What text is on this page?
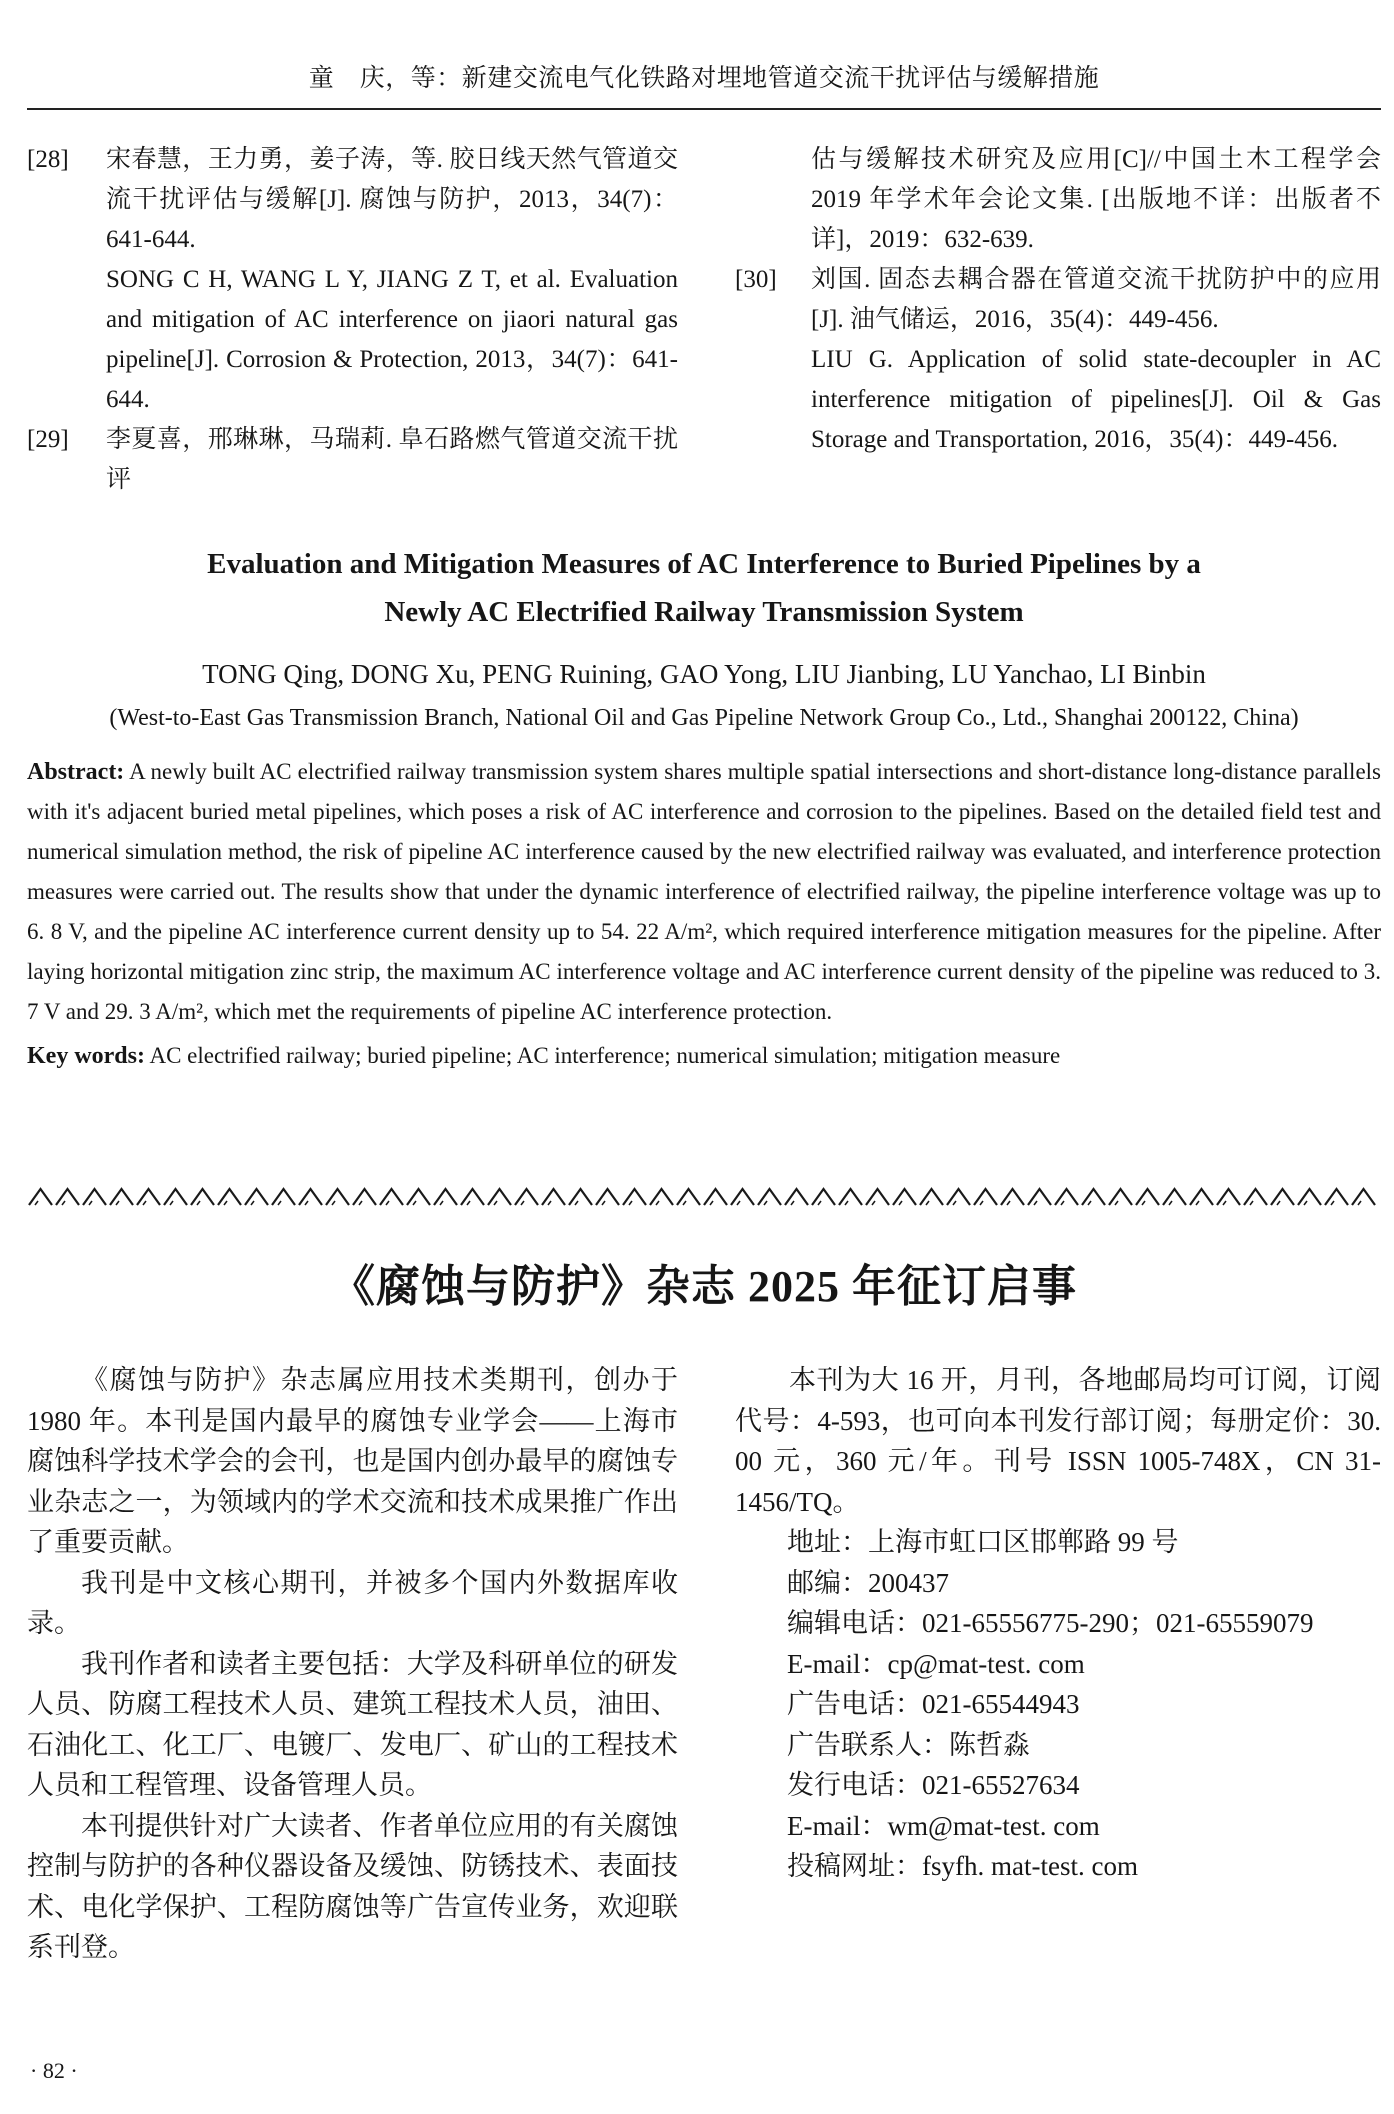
童　庆，等：新建交流电气化铁路对埋地管道交流干扰评估与缓解措施
[28]	宋春慧，王力勇，姜子涛，等. 胶日线天然气管道交流干扰评估与缓解[J]. 腐蚀与防护，2013，34(7)：641-644.

SONG C H, WANG L Y, JIANG Z T, et al. Evaluation and mitigation of AC interference on jiaori natural gas pipeline[J]. Corrosion & Protection, 2013，34(7)：641-644.

[29]	李夏喜，邢琳琳，马瑞莉. 阜石路燃气管道交流干扰评

估与缓解技术研究及应用[C]//中国土木工程学会 2019 年学术年会论文集. [出版地不详：出版者不详]，2019：632-639.

[30]	刘国. 固态去耦合器在管道交流干扰防护中的应用[J]. 油气储运，2016，35(4)：449-456.

LIU G. Application of solid state-decoupler in AC interference mitigation of pipelines[J]. Oil & Gas Storage and Transportation, 2016，35(4)：449-456.

Evaluation and Mitigation Measures of AC Interference to Buried Pipelines by a
Newly AC Electrified Railway Transmission System
TONG Qing, DONG Xu, PENG Ruining, GAO Yong, LIU Jianbing, LU Yanchao, LI Binbin
(West-to-East Gas Transmission Branch, National Oil and Gas Pipeline Network Group Co., Ltd., Shanghai 200122, China)

Abstract: A newly built AC electrified railway transmission system shares multiple spatial intersections and short-distance long-distance parallels with it's adjacent buried metal pipelines, which poses a risk of AC interference and corrosion to the pipelines. Based on the detailed field test and numerical simulation method, the risk of pipeline AC interference caused by the new electrified railway was evaluated, and interference protection measures were carried out. The results show that under the dynamic interference of electrified railway, the pipeline interference voltage was up to 6. 8 V, and the pipeline AC interference current density up to 54. 22 A/m², which required interference mitigation measures for the pipeline. After laying horizontal mitigation zinc strip, the maximum AC interference voltage and AC interference current density of the pipeline was reduced to 3. 7 V and 29. 3 A/m², which met the requirements of pipeline AC interference protection.

Key words: AC electrified railway; buried pipeline; AC interference; numerical simulation; mitigation measure

《腐蚀与防护》杂志 2025 年征订启事

《腐蚀与防护》杂志属应用技术类期刊，创办于 1980 年。本刊是国内最早的腐蚀专业学会——上海市腐蚀科学技术学会的会刊，也是国内创办最早的腐蚀专业杂志之一，为领域内的学术交流和技术成果推广作出了重要贡献。

我刊是中文核心期刊，并被多个国内外数据库收录。

我刊作者和读者主要包括：大学及科研单位的研发人员、防腐工程技术人员、建筑工程技术人员，油田、石油化工、化工厂、电镀厂、发电厂、矿山的工程技术人员和工程管理、设备管理人员。

本刊提供针对广大读者、作者单位应用的有关腐蚀控制与防护的各种仪器设备及缓蚀、防锈技术、表面技术、电化学保护、工程防腐蚀等广告宣传业务，欢迎联系刊登。

本刊为大 16 开，月刊，各地邮局均可订阅，订阅代号：4-593，也可向本刊发行部订阅；每册定价：30. 00 元，360 元/年。刊号 ISSN 1005-748X，CN 31-1456/TQ。

地址：上海市虹口区邯郸路 99 号
邮编：200437
编辑电话：021-65556775-290；021-65559079
E-mail：cp@mat-test. com
广告电话：021-65544943
广告联系人：陈哲淼
发行电话：021-65527634
E-mail：wm@mat-test. com
投稿网址：fsyfh. mat-test. com
· 82 ·
